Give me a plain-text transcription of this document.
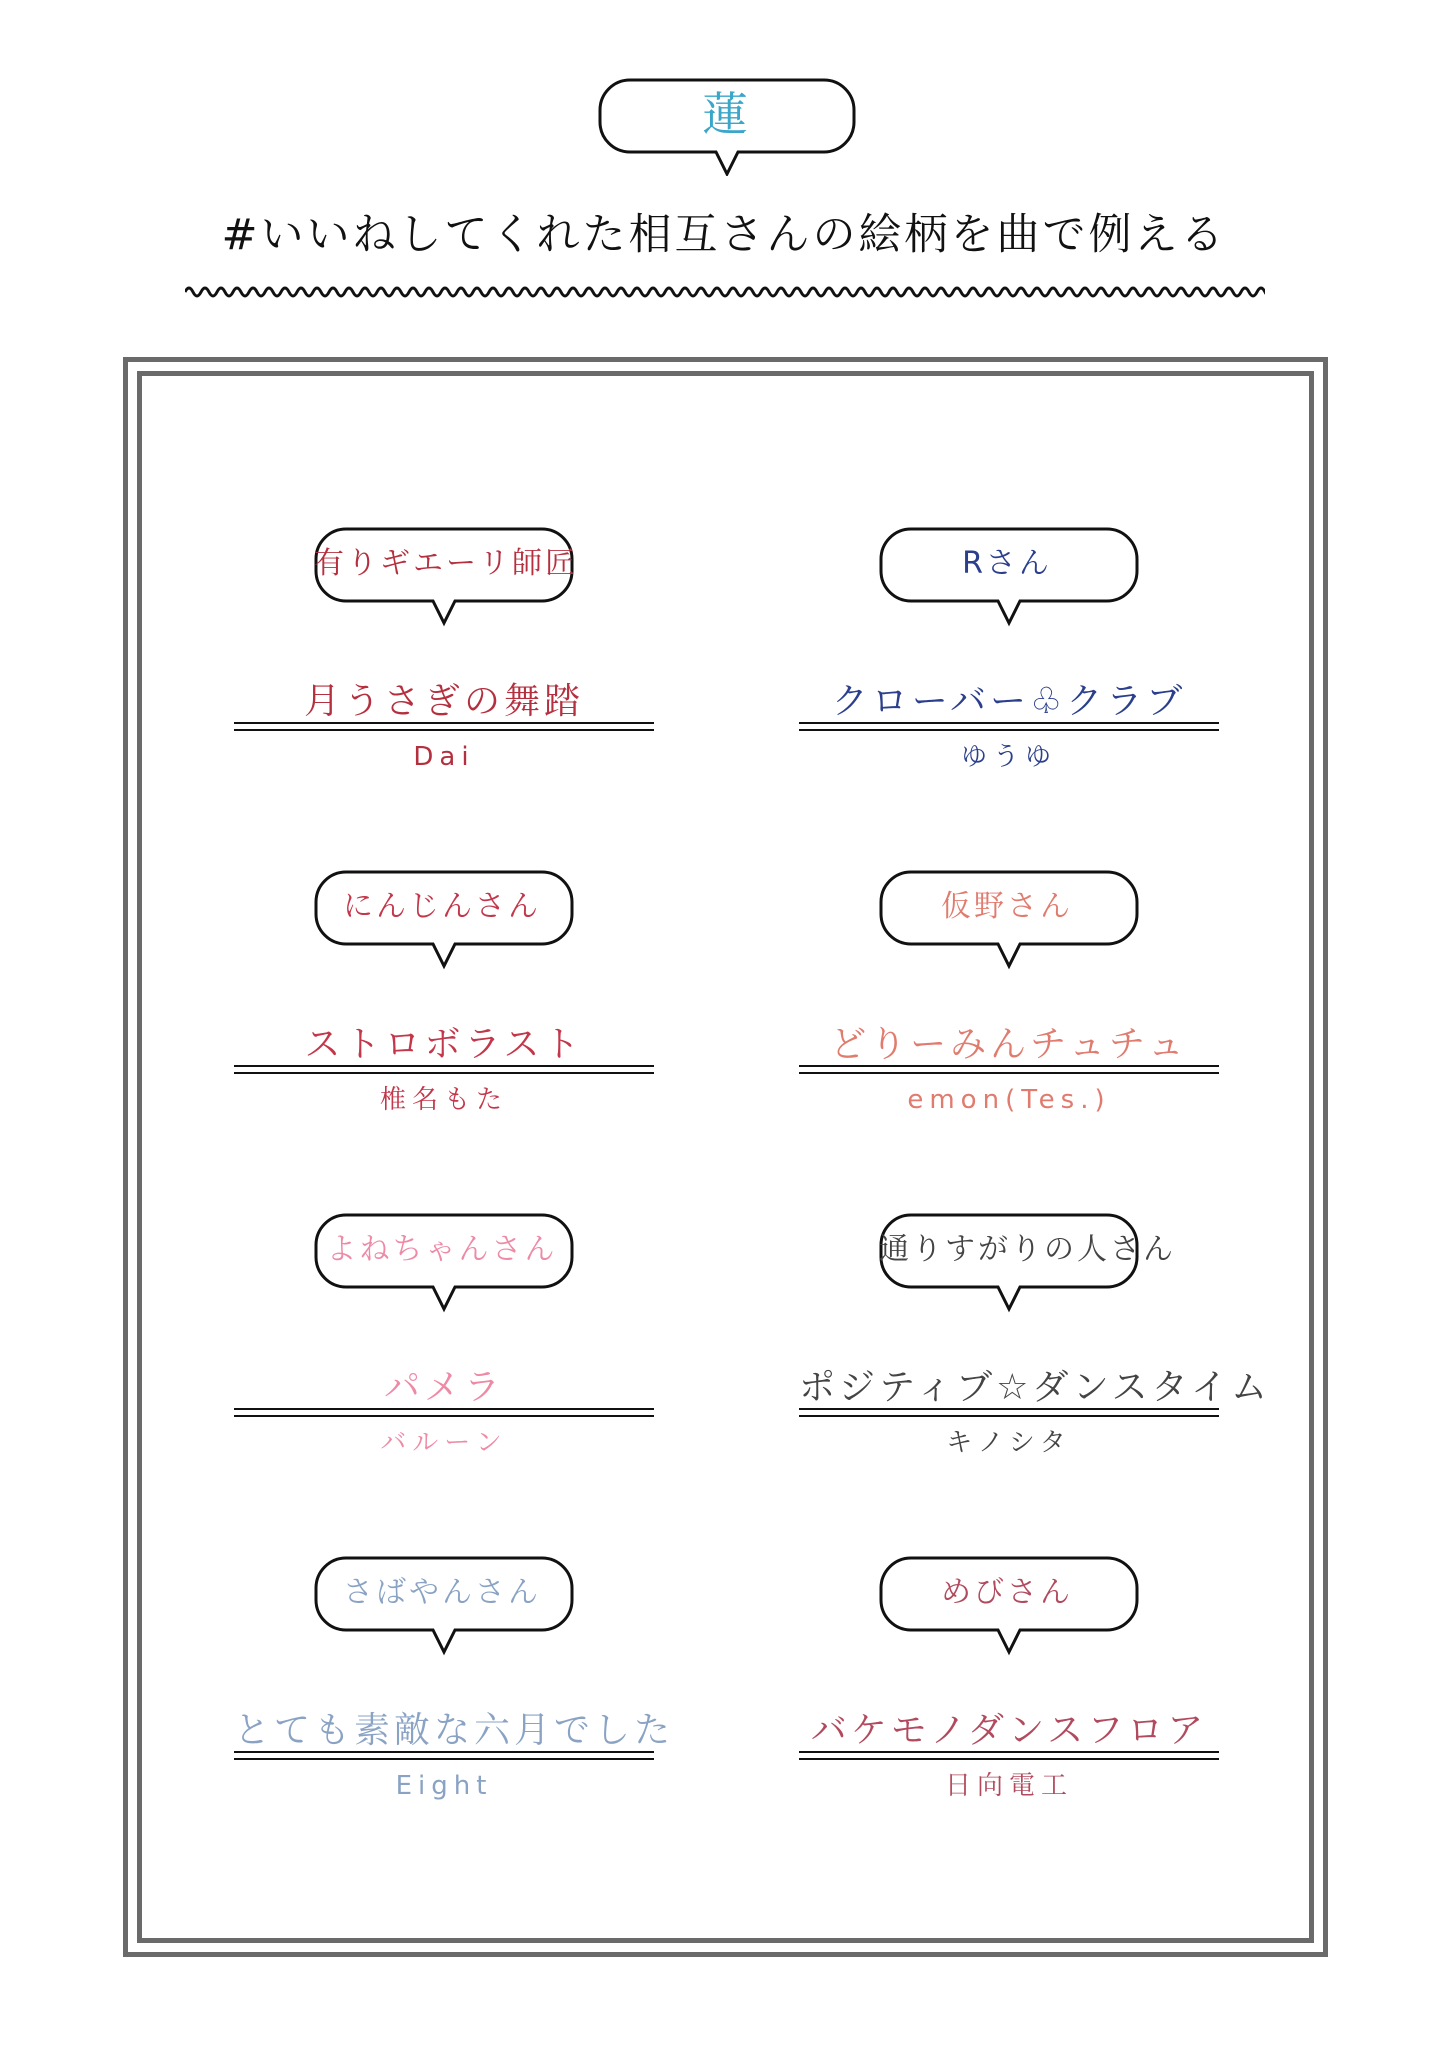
蓮
#いいねしてくれた相互さんの絵柄を曲で例える
有りギエーリ師匠
月うさぎの舞踏
Dai
Rさん
クローバー♧クラブ
ゆうゆ
にんじんさん
ストロボラスト
椎名もた
仮野さん
どりーみんチュチュ
emon(Tes.)
よねちゃんさん
パメラ
バルーン
通りすがりの人さん
ポジティブ☆ダンスタイム
キノシタ
さばやんさん
とても素敵な六月でした
Eight
めびさん
バケモノダンスフロア
日向電工
